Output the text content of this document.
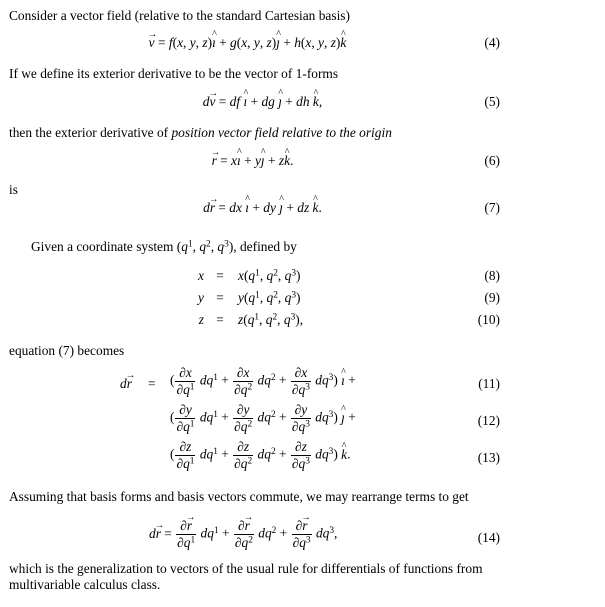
Consider a vector field (relative to the standard Cartesian basis)
v → = f(x, y, z)ı ^ + g(x, y, z)ȷ ^ + h(x, y, z)k ^	(4)
If we define its exterior derivative to be the vector of 1-forms
dv → = df ı ^ + dg ȷ ^ + dh k ^,	(5)
then the exterior derivative of position vector field relative to the origin
r → = xı ^ + yȷ ^ + zk ^.	(6)
is
dr → = dx ı ^ + dy ȷ ^ + dz k ^.	(7)
Given a coordinate system ($q^1$, $q^2$, $q^3$), defined by
x =	$x(q^1$, $q^2$, $q^3$)	(8)
y =	$y(q^1$, $q^2$, $q^3$)	(9)
z =	$z(q^1$, $q^2$, $q^3$),	(10)
equation (7) becomes
dr → = ( $\frac{\partial x}{\partial q^1} dq^1 + \frac{\partial x}{\partial q^2} dq^2 + \frac{\partial x}{\partial q^3} dq^3$) ı ^ +	(11)
( $\frac{\partial y}{\partial q^1} dq^1 + \frac{\partial y}{\partial q^2} dq^2 + \frac{\partial y}{\partial q^3} dq^3$) ȷ ^ +	(12)
( $\frac{\partial z}{\partial q^1} dq^1 + \frac{\partial z}{\partial q^2} dq^2 + \frac{\partial z}{\partial q^3} dq^3$) k ^.	(13)
Assuming that basis forms and basis vectors commute, we may rearrange terms to get
dr → = $\frac{\partial r \to}{\partial q^1} dq^1 + \frac{\partial r \to}{\partial q^2} dq^2 + \frac{\partial r \to}{\partial q^3} dq^3$,	(14)
which is the generalization to vectors of the usual rule for differentials of functions from multivariable calculus class.
